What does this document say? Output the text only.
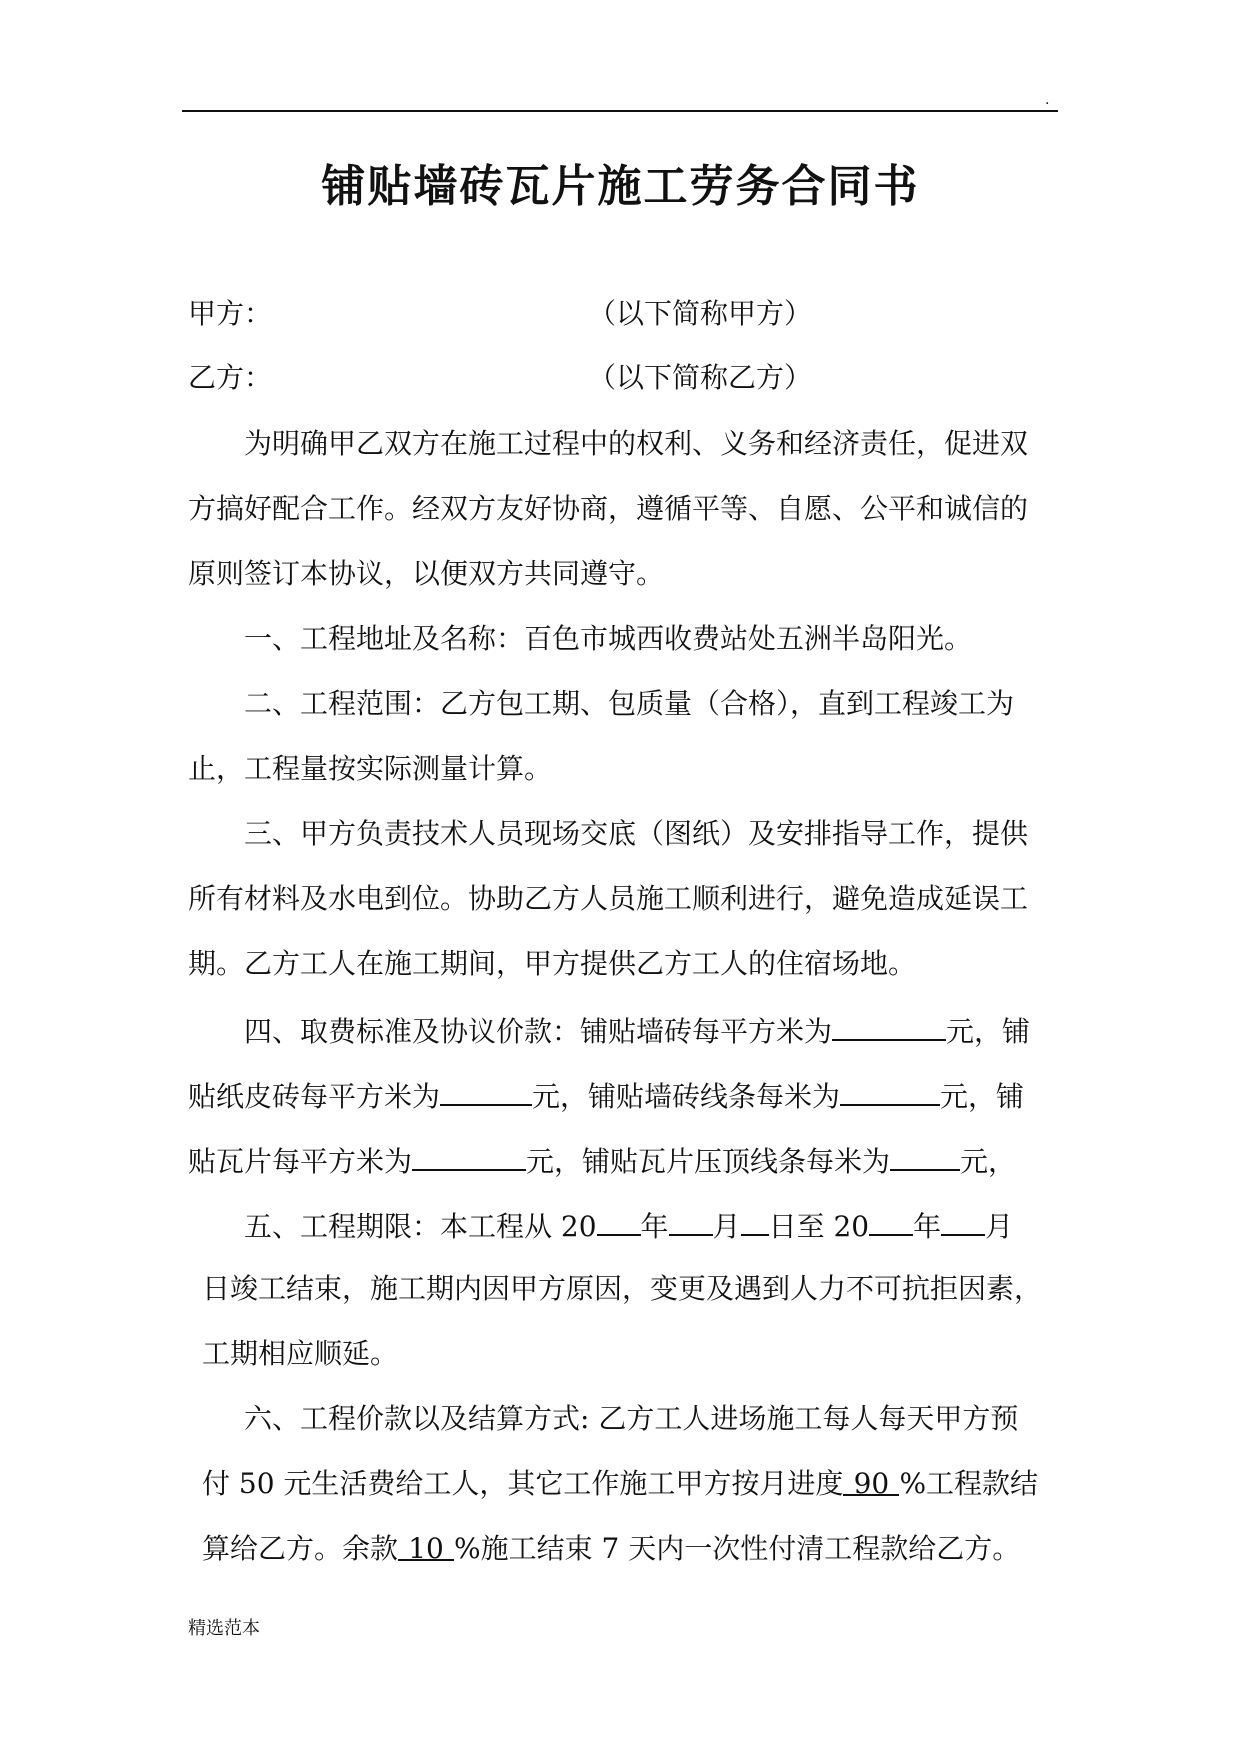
.
铺贴墙砖瓦片施工劳务合同书
甲方：	（以下简称甲方）
乙方：	（以下简称乙方）
为明确甲乙双方在施工过程中的权利、义务和经济责任，促进双
方搞好配合工作。经双方友好协商，遵循平等、自愿、公平和诚信的
原则签订本协议，以便双方共同遵守。
一、工程地址及名称：百色市城西收费站处五洲半岛阳光。
二、工程范围：乙方包工期、包质量（合格），直到工程竣工为
止，工程量按实际测量计算。
三、甲方负责技术人员现场交底（图纸）及安排指导工作，提供
所有材料及水电到位。协助乙方人员施工顺利进行，避免造成延误工
期。乙方工人在施工期间，甲方提供乙方工人的住宿场地。
四、取费标准及协议价款：铺贴墙砖每平方米为	元，铺
贴纸皮砖每平方米为	元，铺贴墙砖线条每米为	元，铺
贴瓦片每平方米为	元，铺贴瓦片压顶线条每米为	元，
五、工程期限：本工程从 20 年 月 日至 20 年 月
日竣工结束，施工期内因甲方原因，变更及遇到人力不可抗拒因素，
工期相应顺延。
六、工程价款以及结算方式: 乙方工人进场施工每人每天甲方预
付 50 元生活费给工人，其它工作施工甲方按月进度 90 %工程款结
算给乙方。余款 10 %施工结束 7 天内一次性付清工程款给乙方。
精选范本
